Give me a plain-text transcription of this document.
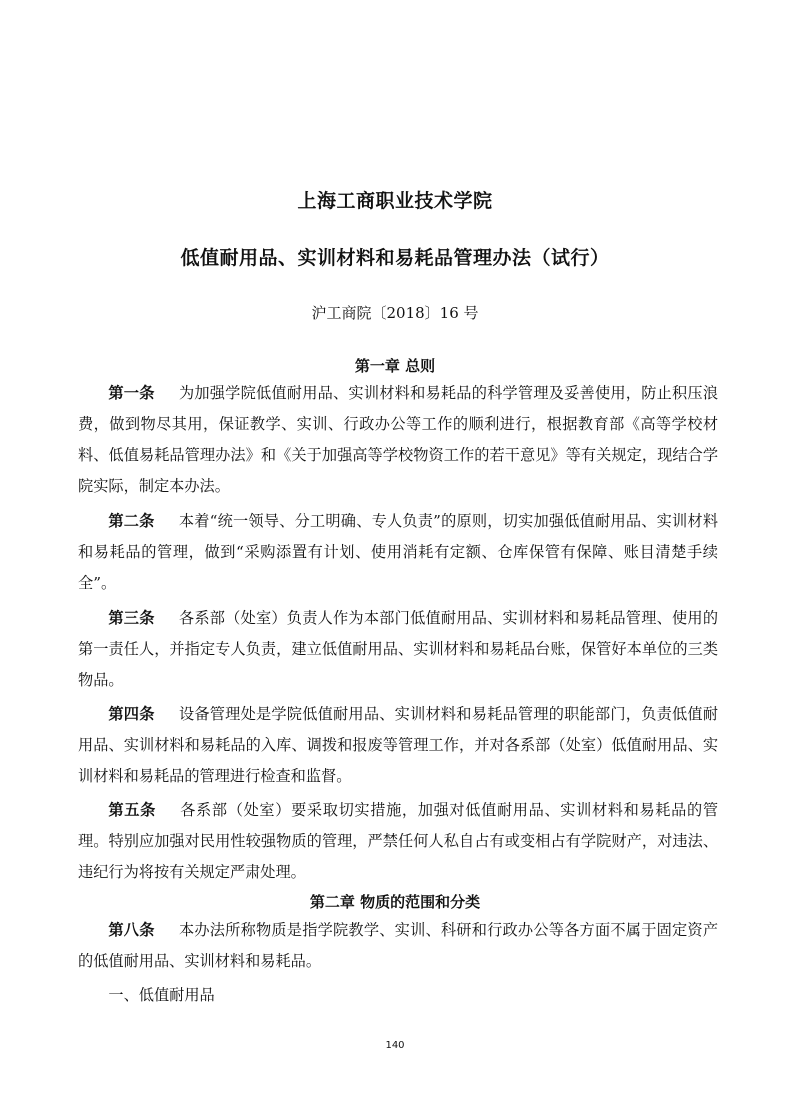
上海工商职业技术学院
低值耐用品、实训材料和易耗品管理办法（试行）
沪工商院〔2018〕16 号
第一章 总则

第一条 为加强学院低值耐用品、实训材料和易耗品的科学管理及妥善使用，防止积压浪费，做到物尽其用，保证教学、实训、行政办公等工作的顺利进行，根据教育部《高等学校材料、低值易耗品管理办法》和《关于加强高等学校物资工作的若干意见》等有关规定，现结合学院实际，制定本办法。

第二条 本着“统一领导、分工明确、专人负责”的原则，切实加强低值耐用品、实训材料和易耗品的管理，做到“采购添置有计划、使用消耗有定额、仓库保管有保障、账目清楚手续全”。

第三条 各系部（处室）负责人作为本部门低值耐用品、实训材料和易耗品管理、使用的第一责任人，并指定专人负责，建立低值耐用品、实训材料和易耗品台账，保管好本单位的三类物品。

第四条 设备管理处是学院低值耐用品、实训材料和易耗品管理的职能部门，负责低值耐用品、实训材料和易耗品的入库、调拨和报废等管理工作，并对各系部（处室）低值耐用品、实训材料和易耗品的管理进行检查和监督。

第五条 各系部（处室）要采取切实措施，加强对低值耐用品、实训材料和易耗品的管理。特别应加强对民用性较强物质的管理，严禁任何人私自占有或变相占有学院财产，对违法、违纪行为将按有关规定严肃处理。

第二章 物质的范围和分类

第八条 本办法所称物质是指学院教学、实训、科研和行政办公等各方面不属于固定资产的低值耐用品、实训材料和易耗品。

一、低值耐用品

140
